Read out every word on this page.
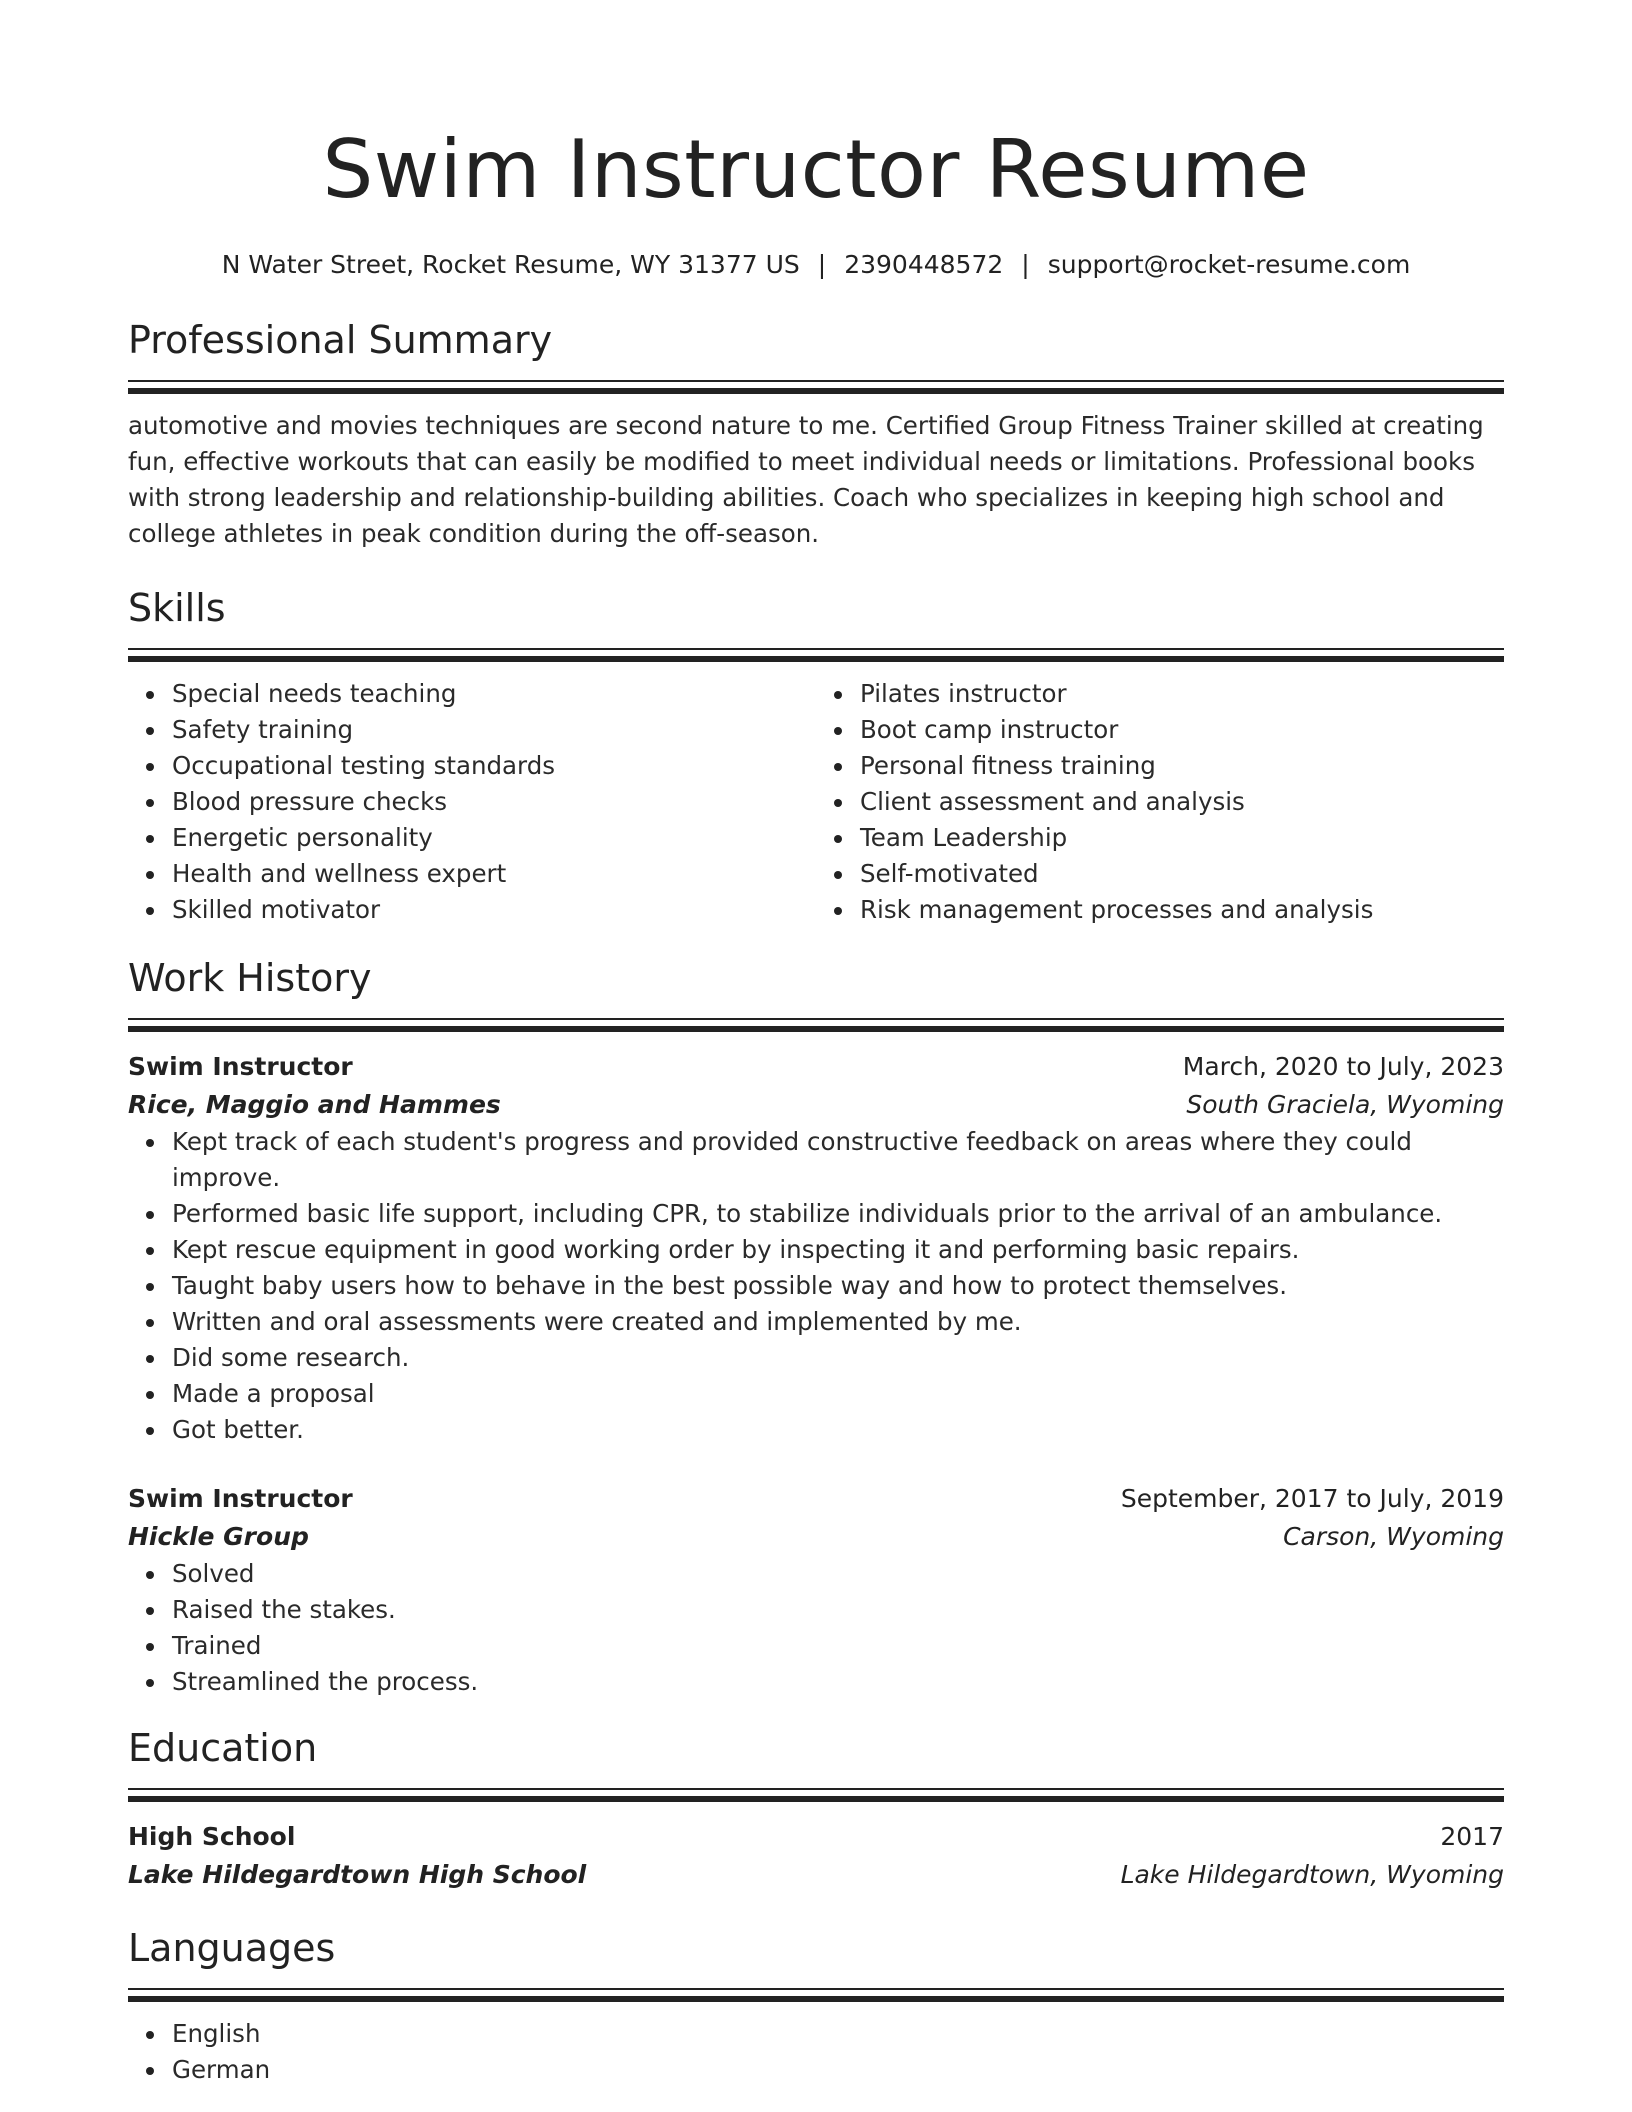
Swim Instructor Resume
N Water Street, Rocket Resume, WY 31377 US | 2390448572 | support@rocket-resume.com
Professional Summary
automotive and movies techniques are second nature to me. Certified Group Fitness Trainer skilled at creating fun, effective workouts that can easily be modified to meet individual needs or limitations. Professional books with strong leadership and relationship-building abilities. Coach who specializes in keeping high school and college athletes in peak condition during the off-season.
Skills
Special needs teaching
Safety training
Occupational testing standards
Blood pressure checks
Energetic personality
Health and wellness expert
Skilled motivator
Pilates instructor
Boot camp instructor
Personal fitness training
Client assessment and analysis
Team Leadership
Self-motivated
Risk management processes and analysis
Work History
Swim Instructor	March, 2020 to July, 2023
Rice, Maggio and Hammes	South Graciela, Wyoming
Kept track of each student's progress and provided constructive feedback on areas where they could improve.
Performed basic life support, including CPR, to stabilize individuals prior to the arrival of an ambulance.
Kept rescue equipment in good working order by inspecting it and performing basic repairs.
Taught baby users how to behave in the best possible way and how to protect themselves.
Written and oral assessments were created and implemented by me.
Did some research.
Made a proposal
Got better.
Swim Instructor	September, 2017 to July, 2019
Hickle Group	Carson, Wyoming
Solved
Raised the stakes.
Trained
Streamlined the process.
Education
High School	2017
Lake Hildegardtown High School	Lake Hildegardtown, Wyoming
Languages
English
German
